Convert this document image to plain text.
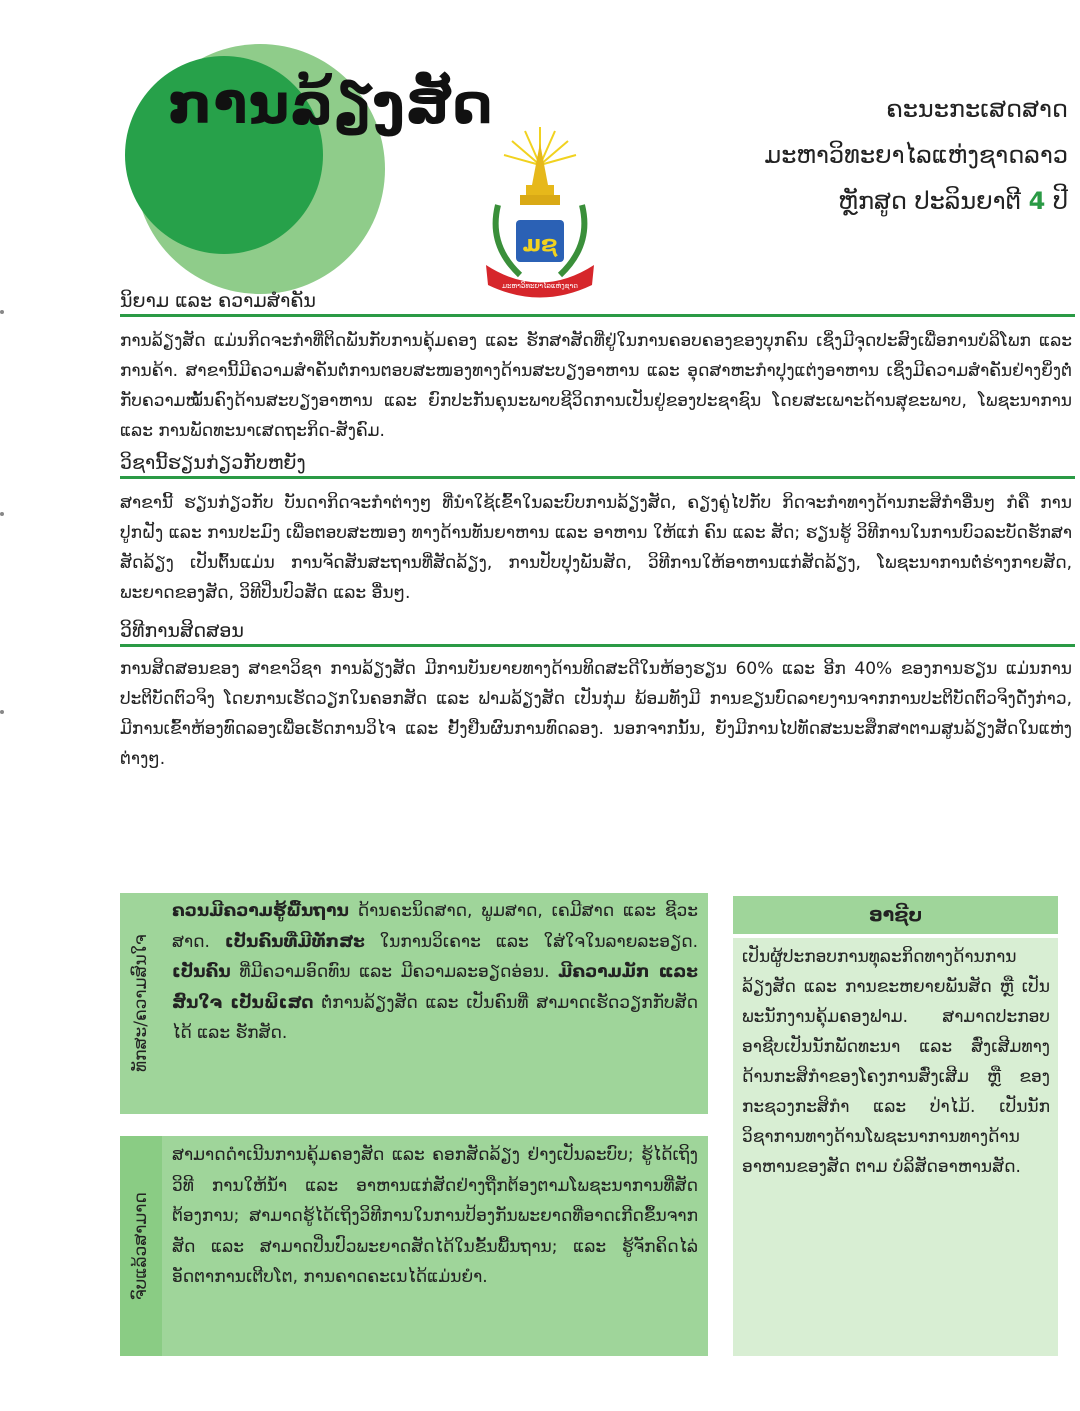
ການລ້ຽງສັດ
ມຊ
ມະຫາວິທະຍາໄລແຫ່ງຊາດ
ຄະນະກະເສດສາດ
ມະຫາວິທະຍາໄລແຫ່ງຊາດລາວ
ຫຼັກສູດ ປະລິນຍາຕີ 4 ປີ
ນິຍາມ ແລະ ຄວາມສຳຄັນ
ການລ້ຽງສັດ ແມ່ນກິດຈະກຳທີ່ຕິດພັນກັບການຄຸ້ມຄອງ ແລະ ຮັກສາສັດທີ່ຢູ່ໃນການຄອບຄອງຂອງບຸກຄົນ ເຊິ່ງມີຈຸດປະສົງເພື່ອການບໍລິໂພກ ແລະ ການຄ້າ. ສາຂານີ້ມີຄວາມສຳຄັນຕໍ່ການຕອບສະໜອງທາງດ້ານສະບຽງອາຫານ ແລະ ອຸດສາຫະກຳປຸງແຕ່ງອາຫານ ເຊິ່ງມີຄວາມສຳຄັນຢ່າງຍິ່ງຕໍ່ກັບຄວາມໝັ້ນຄົງດ້ານສະບຽງອາຫານ ແລະ ຍົກປະກັນຄຸນະພາບຊີວິດການເປັນຢູ່ຂອງປະຊາຊົນ ໂດຍສະເພາະດ້ານສຸຂະພາບ, ໂພຊະນາການ ແລະ ການພັດທະນາເສດຖະກິດ-ສັງຄົມ.
ວິຊານີ້ຮຽນກ່ຽວກັບຫຍັງ
ສາຂານີ້ ຮຽນກ່ຽວກັບ ບັນດາກິດຈະກຳຕ່າງໆ ທີ່ນຳໃຊ້ເຂົ້າໃນລະບົບການລ້ຽງສັດ, ຄຽງຄູ່ໄປກັບ ກິດຈະກຳທາງດ້ານກະສິກຳອື່ນໆ ກໍຄື ການປູກຝັງ ແລະ ການປະມົງ ເພື່ອຕອບສະໜອງ ທາງດ້ານທັນຍາຫານ ແລະ ອາຫານ ໃຫ້ແກ່ ຄົນ ແລະ ສັດ; ຮຽນຮູ້ ວິທີການໃນການບົວລະບັດຮັກສາສັດລ້ຽງ ເປັນຕົ້ນແມ່ນ ການຈັດສັນສະຖານທີ່ສັດລ້ຽງ, ການປັບປຸງພັນສັດ, ວິທີການໃຫ້ອາຫານແກ່ສັດລ້ຽງ, ໂພຊະນາການຕໍ່ຮ່າງກາຍສັດ, ພະຍາດຂອງສັດ, ວິທີປິ່ນປົວສັດ ແລະ ອື່ນໆ.
ວິທີການສິດສອນ
ການສິດສອນຂອງ ສາຂາວິຊາ ການລ້ຽງສັດ ມີການບັນຍາຍທາງດ້ານທິດສະດີໃນຫ້ອງຮຽນ 60% ແລະ ອີກ 40% ຂອງການຮຽນ ແມ່ນການປະຕິບັດຕົວຈິງ ໂດຍການເຮັດວຽກໃນຄອກສັດ ແລະ ຟາມລ້ຽງສັດ ເປັນກຸ່ມ ພ້ອມທັງມີ ການຂຽນບົດລາຍງານຈາກການປະຕິບັດຕົວຈິງດັ່ງກ່າວ, ມີການເຂົ້າຫ້ອງທົດລອງເພື່ອເຮັດການວິໄຈ ແລະ ຢັ້ງຢືນຜົນການທົດລອງ. ນອກຈາກນັ້ນ, ຍັງມີການໄປທັດສະນະສຶກສາຕາມສູນລ້ຽງສັດໃນແຫ່ງຕ່າງໆ.
ທັກສະ/ຄວາມສົນໃຈ
ຄວນມີຄວາມຮູ້ພື້ນຖານ ດ້ານຄະນິດສາດ, ພູມສາດ, ເຄມີສາດ ແລະ ຊີວະສາດ. ເປັນຄົນທີ່ມີທັກສະ ໃນການວິເຄາະ ແລະ ໃສ່ໃຈໃນລາຍລະອຽດ. ເປັນຄົນ ທີ່ມີຄວາມອົດທົນ ແລະ ມີຄວາມລະອຽດອ່ອນ. ມີຄວາມມັກ ແລະ ສົນໃຈ ເປັນພິເສດ ຕໍ່ການລ້ຽງສັດ ແລະ ເປັນຄົນທີ່ ສາມາດເຮັດວຽກກັບສັດໄດ້ ແລະ ຮັກສັດ.
ຈົບແລ້ວສາມາດ
ສາມາດດຳເນີນການຄຸ້ມຄອງສັດ ແລະ ຄອກສັດລ້ຽງ ຢ່າງເປັນລະບົບ; ຮູ້ໄດ້ເຖິງວິທີ ການໃຫ້ນ້ຳ ແລະ ອາຫານແກ່ສັດຢ່າງຖືກຕ້ອງຕາມໂພຊະນາການທີ່ສັດຕ້ອງການ; ສາມາດຮູ້ໄດ້ເຖິງວິທີການໃນການປ້ອງກັນພະຍາດທີ່ອາດເກີດຂຶ້ນຈາກສັດ ແລະ ສາມາດປິ່ນປົວພະຍາດສັດໄດ້ໃນຂັ້ນພື້ນຖານ; ແລະ ຮູ້ຈັກຄິດໄລ່ອັດຕາການເຕີບໂຕ, ການຄາດຄະເນໄດ້ແມ່ນຍຳ.
ອາຊີບ
ເປັນຜູ້ປະກອບການທຸລະກິດທາງດ້ານການລ້ຽງສັດ ແລະ ການຂະຫຍາຍພັນສັດ ຫຼື ເປັນພະນັກງານຄຸ້ມຄອງຟາມ. ສາມາດປະກອບອາຊີບເປັນນັກພັດທະນາ ແລະ ສົ່ງເສີມທາງດ້ານກະສິກຳຂອງໂຄງການສົ່ງເສີມ ຫຼື ຂອງກະຊວງກະສິກຳ ແລະ ປ່າໄມ້. ເປັນນັກວິຊາການທາງດ້ານໂພຊະນາການທາງດ້ານອາຫານຂອງສັດ ຕາມ ບໍລິສັດອາຫານສັດ.
